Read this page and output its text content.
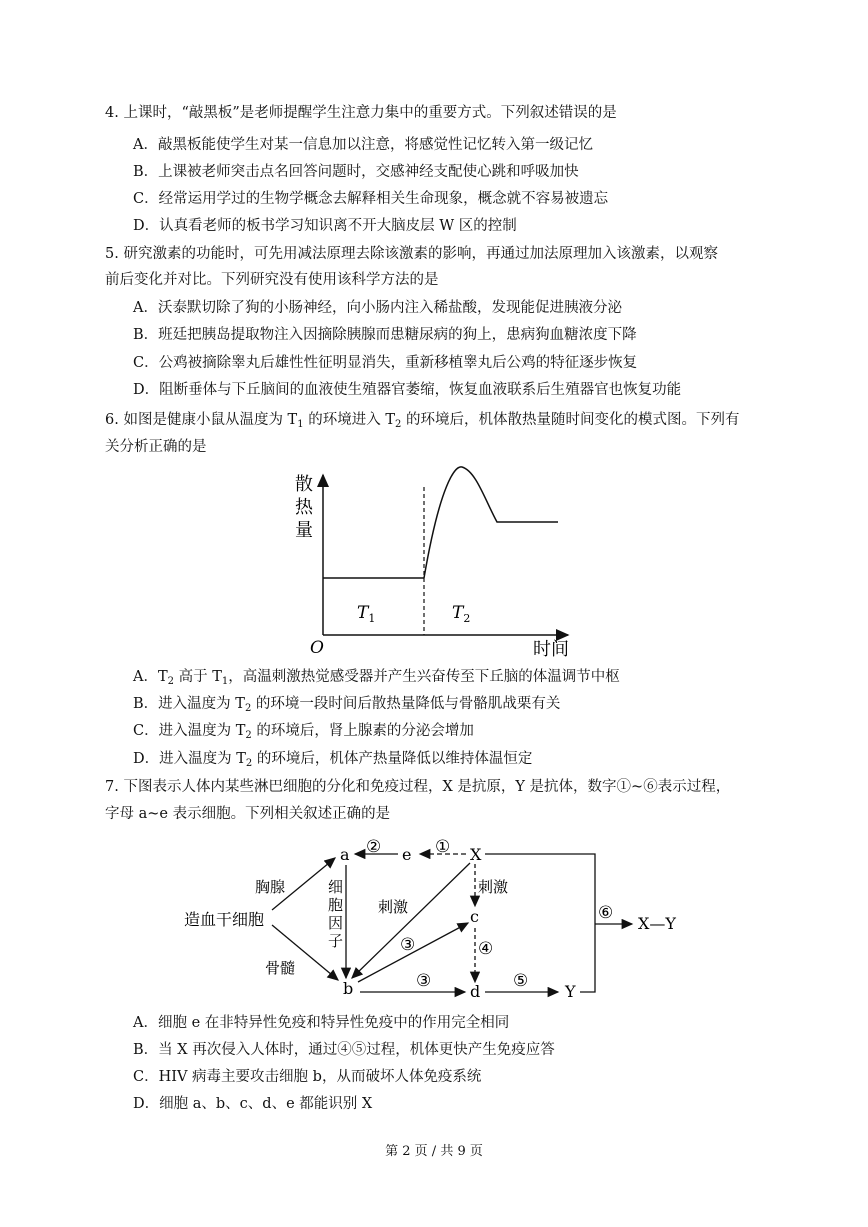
4. 上课时，“敲黑板”是老师提醒学生注意力集中的重要方式。下列叙述错误的是
A．敲黑板能使学生对某一信息加以注意，将感觉性记忆转入第一级记忆
B．上课被老师突击点名回答问题时，交感神经支配使心跳和呼吸加快
C．经常运用学过的生物学概念去解释相关生命现象，概念就不容易被遗忘
D．认真看老师的板书学习知识离不开大脑皮层 W 区的控制
5. 研究激素的功能时，可先用减法原理去除该激素的影响，再通过加法原理加入该激素，以观察
前后变化并对比。下列研究没有使用该科学方法的是
A．沃泰默切除了狗的小肠神经，向小肠内注入稀盐酸，发现能促进胰液分泌
B．班廷把胰岛提取物注入因摘除胰腺而患糖尿病的狗上，患病狗血糖浓度下降
C．公鸡被摘除睾丸后雄性性征明显消失，重新移植睾丸后公鸡的特征逐步恢复
D．阻断垂体与下丘脑间的血液使生殖器官萎缩，恢复血液联系后生殖器官也恢复功能
6. 如图是健康小鼠从温度为 $T_1$ 的环境进入 $T_2$ 的环境后，机体散热量随时间变化的模式图。下列有
关分析正确的是
散
热
量
O	时间
$T_1$	$T_2$
A．$T_2$ 高于 $T_1$，高温刺激热觉感受器并产生兴奋传至下丘脑的体温调节中枢
B．进入温度为 $T_2$ 的环境一段时间后散热量降低与骨骼肌战栗有关
C．进入温度为 $T_2$ 的环境后，肾上腺素的分泌会增加
D．进入温度为 $T_2$ 的环境后，机体产热量降低以维持体温恒定
7. 下图表示人体内某些淋巴细胞的分化和免疫过程，X 是抗原，Y 是抗体，数字①~⑥表示过程，
字母 a~e 表示细胞。下列相关叙述正确的是
造血干细胞
胸腺
骨髓
a	e	X
c
b	d	Y
X—Y
细
胞
因
子
刺激
刺激
①
②
③
③
④
⑤
⑥
A．细胞 e 在非特异性免疫和特异性免疫中的作用完全相同
B．当 X 再次侵入人体时，通过④⑤过程，机体更快产生免疫应答
C．HIV 病毒主要攻击细胞 b，从而破坏人体免疫系统
D．细胞 a、b、c、d、e 都能识别 X
第 2 页 / 共 9 页
